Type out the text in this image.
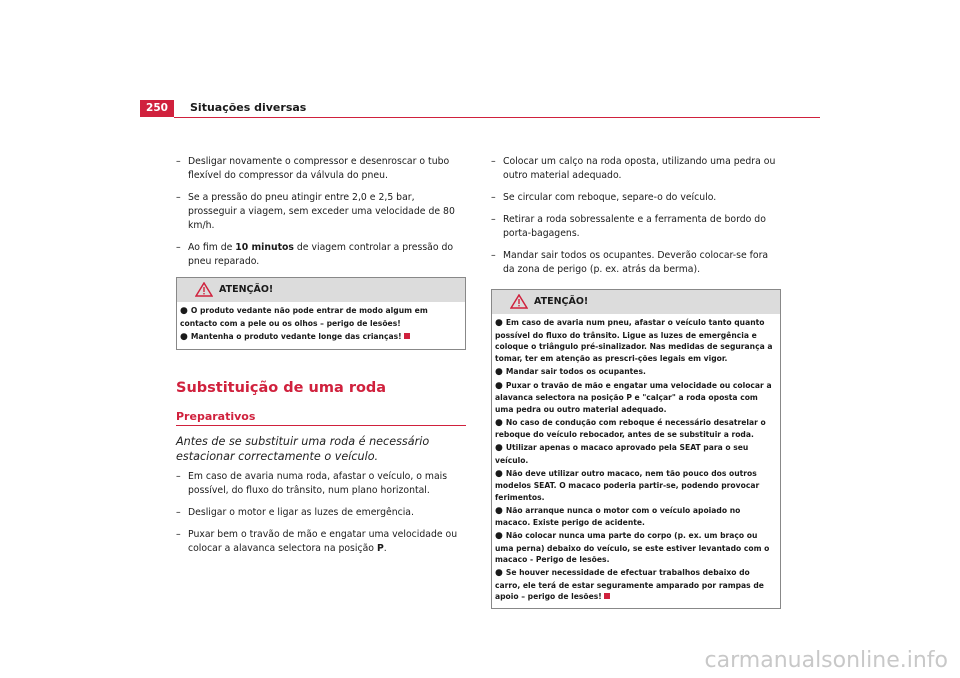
250	Situações diversas
– Desligar novamente o compressor e desenroscar o tubo flexível do compressor da válvula do pneu.
– Se a pressão do pneu atingir entre 2,0 e 2,5 bar, prosseguir a viagem, sem exceder uma velocidade de 80 km/h.
– Ao fim de 10 minutos de viagem controlar a pressão do pneu reparado.
ATENÇÃO!
● O produto vedante não pode entrar de modo algum em contacto com a pele ou os olhos – perigo de lesões!
● Mantenha o produto vedante longe das crianças!
Substituição de uma roda
Preparativos
Antes de se substituir uma roda é necessário estacionar correctamente o veículo.
– Em caso de avaria numa roda, afastar o veículo, o mais possível, do fluxo do trânsito, num plano horizontal.
– Desligar o motor e ligar as luzes de emergência.
– Puxar bem o travão de mão e engatar uma velocidade ou colocar a alavanca selectora na posição P.
– Colocar um calço na roda oposta, utilizando uma pedra ou outro material adequado.
– Se circular com reboque, separe-o do veículo.
– Retirar a roda sobressalente e a ferramenta de bordo do porta-bagagens.
– Mandar sair todos os ocupantes. Deverão colocar-se fora da zona de perigo (p. ex. atrás da berma).
ATENÇÃO!
● Em caso de avaria num pneu, afastar o veículo tanto quanto possível do fluxo do trânsito. Ligue as luzes de emergência e coloque o triângulo pré-sinalizador. Nas medidas de segurança a tomar, ter em atenção as prescri-ções legais em vigor.
● Mandar sair todos os ocupantes.
● Puxar o travão de mão e engatar uma velocidade ou colocar a alavanca selectora na posição P e "calçar" a roda oposta com uma pedra ou outro material adequado.
● No caso de condução com reboque é necessário desatrelar o reboque do veículo rebocador, antes de se substituir a roda.
● Utilizar apenas o macaco aprovado pela SEAT para o seu veículo.
● Não deve utilizar outro macaco, nem tão pouco dos outros modelos SEAT. O macaco poderia partir-se, podendo provocar ferimentos.
● Não arranque nunca o motor com o veículo apoiado no macaco. Existe perigo de acidente.
● Não colocar nunca uma parte do corpo (p. ex. um braço ou uma perna) debaixo do veículo, se este estiver levantado com o macaco - Perigo de lesões.
● Se houver necessidade de efectuar trabalhos debaixo do carro, ele terá de estar seguramente amparado por rampas de apoio – perigo de lesões!
carmanualsonline.info
